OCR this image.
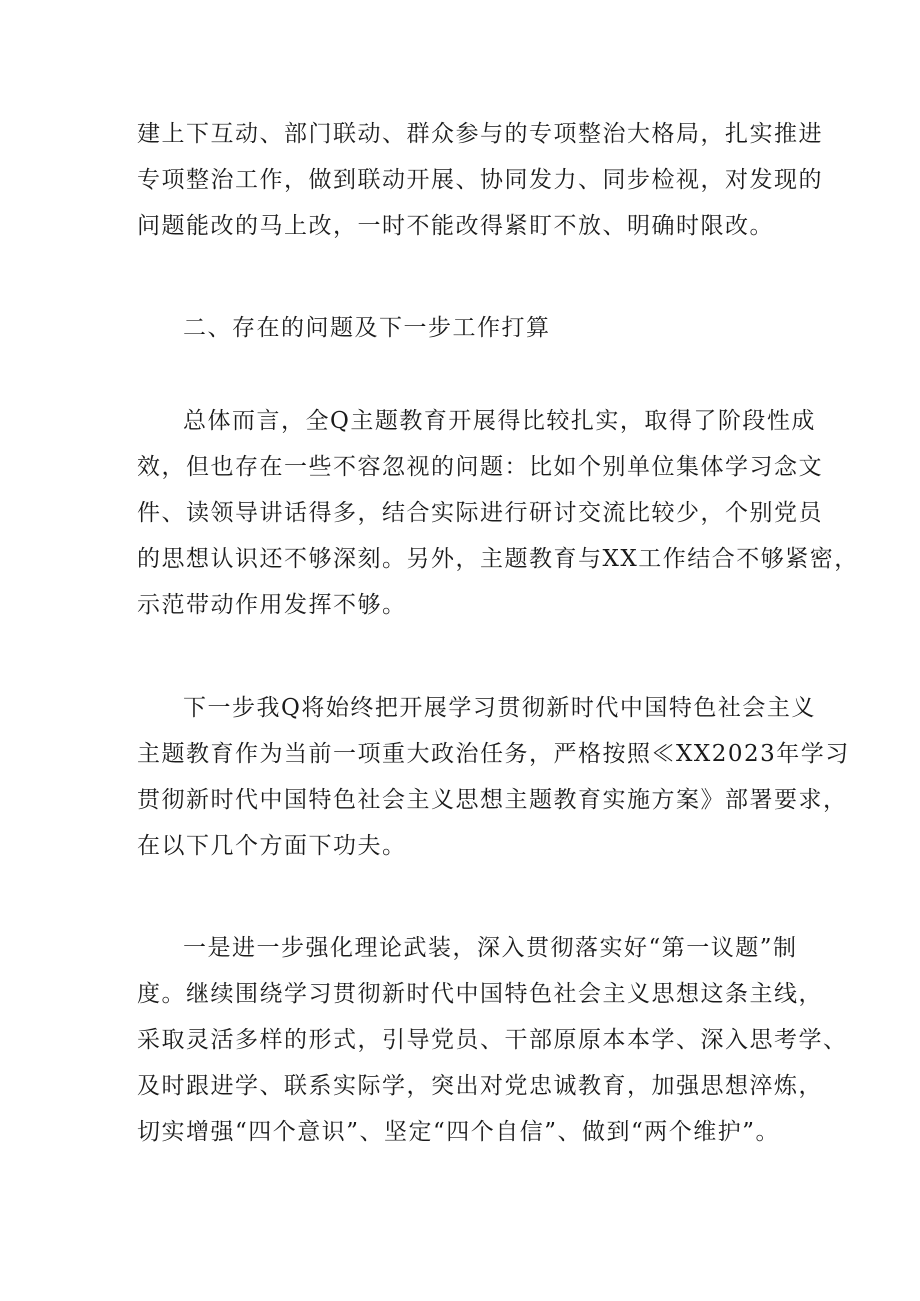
建上下互动、部门联动、群众参与的专项整治大格局，扎实推进
专项整治工作，做到联动开展、协同发力、同步检视，对发现的
问题能改的马上改，一时不能改得紧盯不放、明确时限改。
二、存在的问题及下一步工作打算
总体而言，全Q主题教育开展得比较扎实，取得了阶段性成
效，但也存在一些不容忽视的问题：比如个别单位集体学习念文
件、读领导讲话得多，结合实际进行研讨交流比较少，个别党员
的思想认识还不够深刻。另外，主题教育与XX工作结合不够紧密，
示范带动作用发挥不够。
下一步我Q将始终把开展学习贯彻新时代中国特色社会主义
主题教育作为当前一项重大政治任务，严格按照≪XX2023年学习
贯彻新时代中国特色社会主义思想主题教育实施方案》部署要求，
在以下几个方面下功夫。
一是进一步强化理论武装，深入贯彻落实好“第一议题”制
度。继续围绕学习贯彻新时代中国特色社会主义思想这条主线，
采取灵活多样的形式，引导党员、干部原原本本学、深入思考学、
及时跟进学、联系实际学，突出对党忠诚教育，加强思想淬炼，
切实增强“四个意识”、坚定“四个自信”、做到“两个维护”。
